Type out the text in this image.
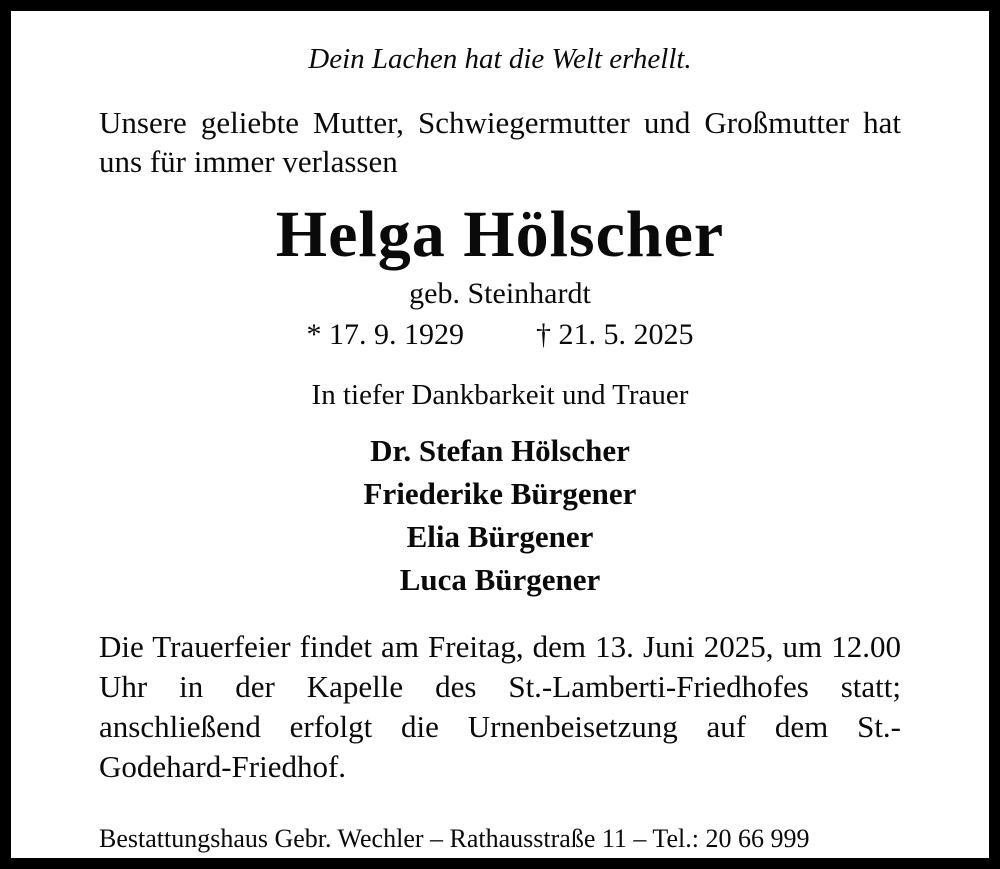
Dein Lachen hat die Welt erhellt.

Unsere geliebte Mutter, Schwiegermutter und Großmutter hat uns für immer verlassen

Helga Hölscher

geb. Steinhardt

* 17. 9. 1929 † 21. 5. 2025

In tiefer Dankbarkeit und Trauer

Dr. Stefan Hölscher
Friederike Bürgener
Elia Bürgener
Luca Bürgener

Die Trauerfeier findet am Freitag, dem 13. Juni 2025, um 12.00 Uhr in der Kapelle des St.-Lamberti-Friedhofes statt; anschließend erfolgt die Urnenbeisetzung auf dem St.-Godehard-Friedhof.

Bestattungshaus Gebr. Wechler – Rathausstraße 11 – Tel.: 20 66 999
